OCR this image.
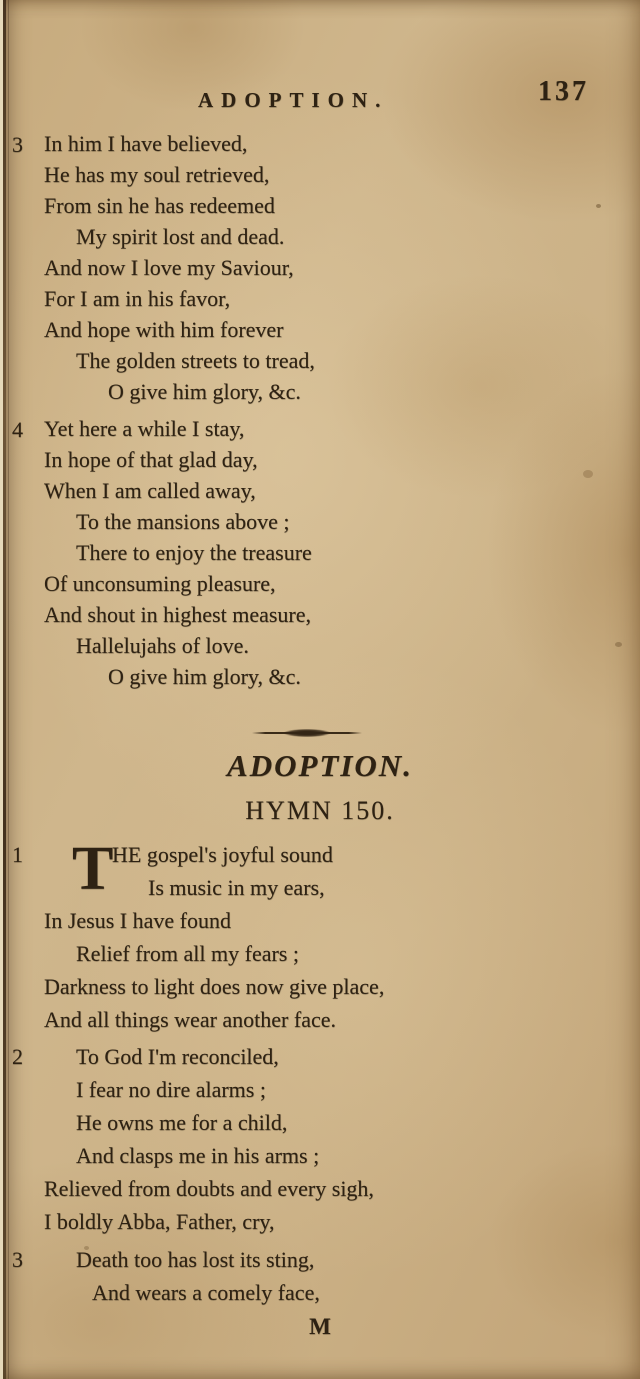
ADOPTION.	137
3 In him I have believed,
He has my soul retrieved,
From sin he has redeemed
My spirit lost and dead.
And now I love my Saviour,
For I am in his favor,
And hope with him forever
The golden streets to tread,
O give him glory, &c.
4 Yet here a while I stay,
In hope of that glad day,
When I am called away,
To the mansions above ;
There to enjoy the treasure
Of unconsuming pleasure,
And shout in highest measure,
Hallelujahs of love.
O give him glory, &c.
ADOPTION.
HYMN 150.
1 T
HE gospel's joyful sound
Is music in my ears,
In Jesus I have found
Relief from all my fears ;
Darkness to light does now give place,
And all things wear another face.
2 To God I'm reconciled,
I fear no dire alarms ;
He owns me for a child,
And clasps me in his arms ;
Relieved from doubts and every sigh,
I boldly Abba, Father, cry,
3 Death too has lost its sting,
And wears a comely face,
M
